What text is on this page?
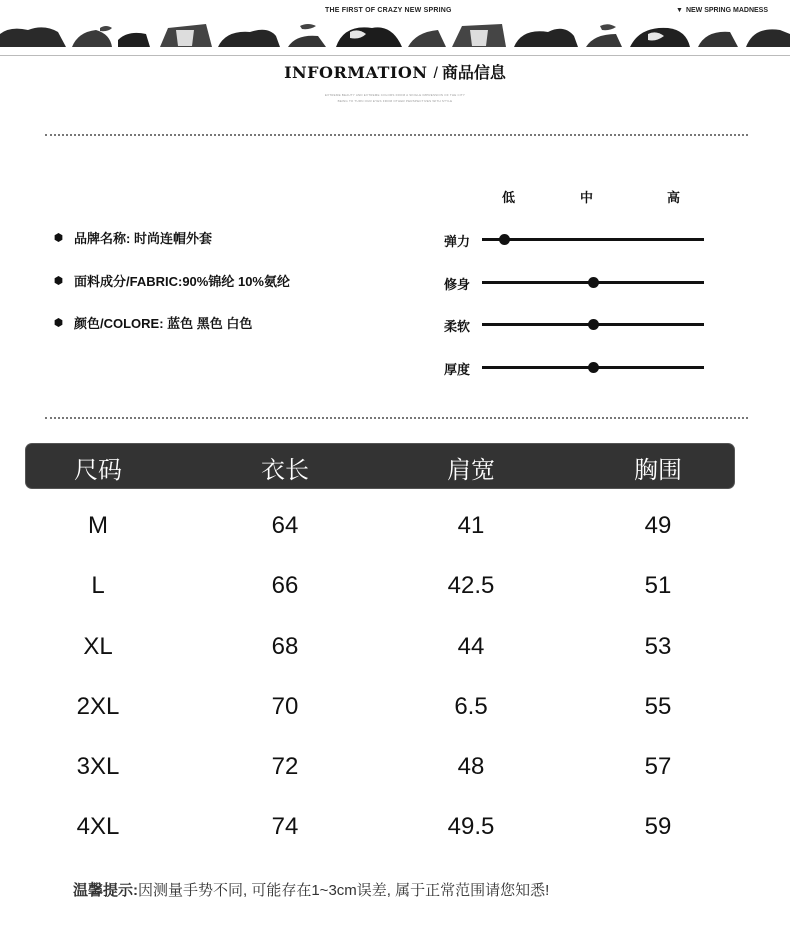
THE FIRST OF CRAZY NEW SPRING	▼ NEW SPRING MADNESS
INFORMATION / 商品信息
EXTREME BEAUTY AND EXTREME COLORS FROM A SINGLE IMPRESSION OF THE CITY
BEING TO TURN OUR EYES FROM OTHER PERSPECTIVES WITH STYLE
品牌名称: 时尚连帽外套
面料成分/FABRIC:90%锦纶 10%氨纶
颜色/COLORE: 蓝色 黑色 白色
低	中	高
弹力
修身
柔软
厚度
尺码	衣长	肩宽	胸围
M	64	41	49
L	66	42.5	51
XL	68	44	53
2XL	70	6.5	55
3XL	72	48	57
4XL	74	49.5	59
温馨提示:因测量手势不同, 可能存在1~3cm误差, 属于正常范围请您知悉!
